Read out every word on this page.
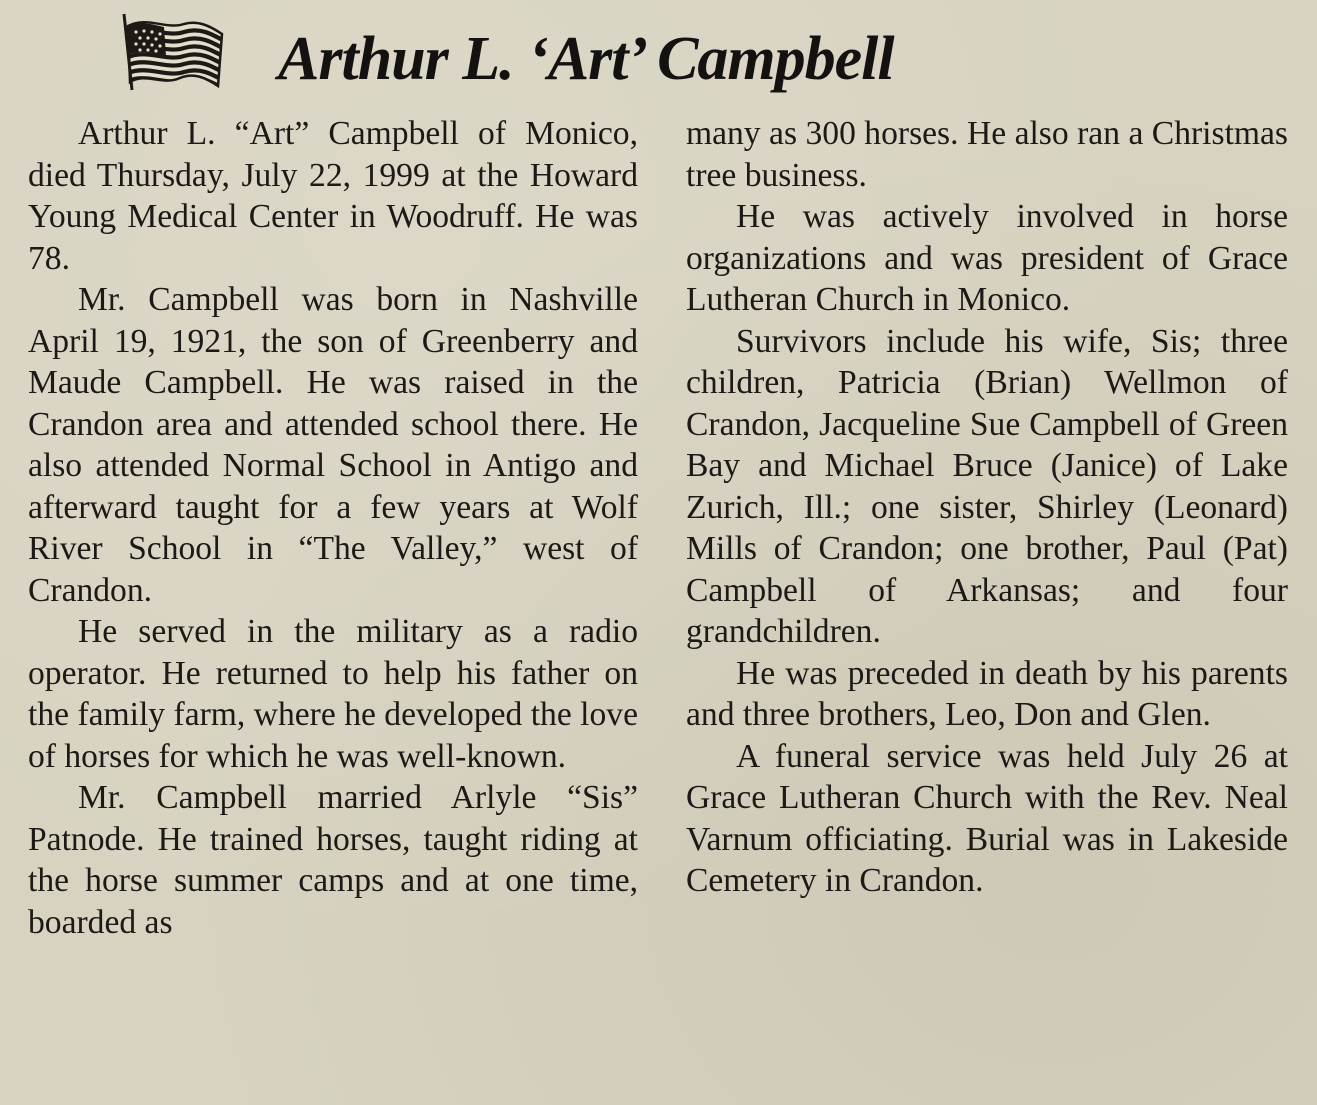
Arthur L. ‘Art’ Campbell

Arthur L. “Art” Campbell of Monico, died Thursday, July 22, 1999 at the Howard Young Medical Center in Woodruff. He was 78.

Mr. Campbell was born in Nashville April 19, 1921, the son of Greenberry and Maude Campbell. He was raised in the Crandon area and attended school there. He also attended Normal School in Antigo and afterward taught for a few years at Wolf River School in “The Valley,” west of Crandon.

He served in the military as a radio operator. He returned to help his father on the family farm, where he developed the love of horses for which he was well-known.

Mr. Campbell married Arlyle “Sis” Patnode. He trained horses, taught riding at the horse summer camps and at one time, boarded as

many as 300 horses. He also ran a Christmas tree business.

He was actively involved in horse organizations and was president of Grace Lutheran Church in Monico.

Survivors include his wife, Sis; three children, Patricia (Brian) Wellmon of Crandon, Jacqueline Sue Campbell of Green Bay and Michael Bruce (Janice) of Lake Zurich, Ill.; one sister, Shirley (Leonard) Mills of Crandon; one brother, Paul (Pat) Campbell of Arkansas; and four grandchildren.

He was preceded in death by his parents and three brothers, Leo, Don and Glen.

A funeral service was held July 26 at Grace Lutheran Church with the Rev. Neal Varnum officiating. Burial was in Lakeside Cemetery in Crandon.
